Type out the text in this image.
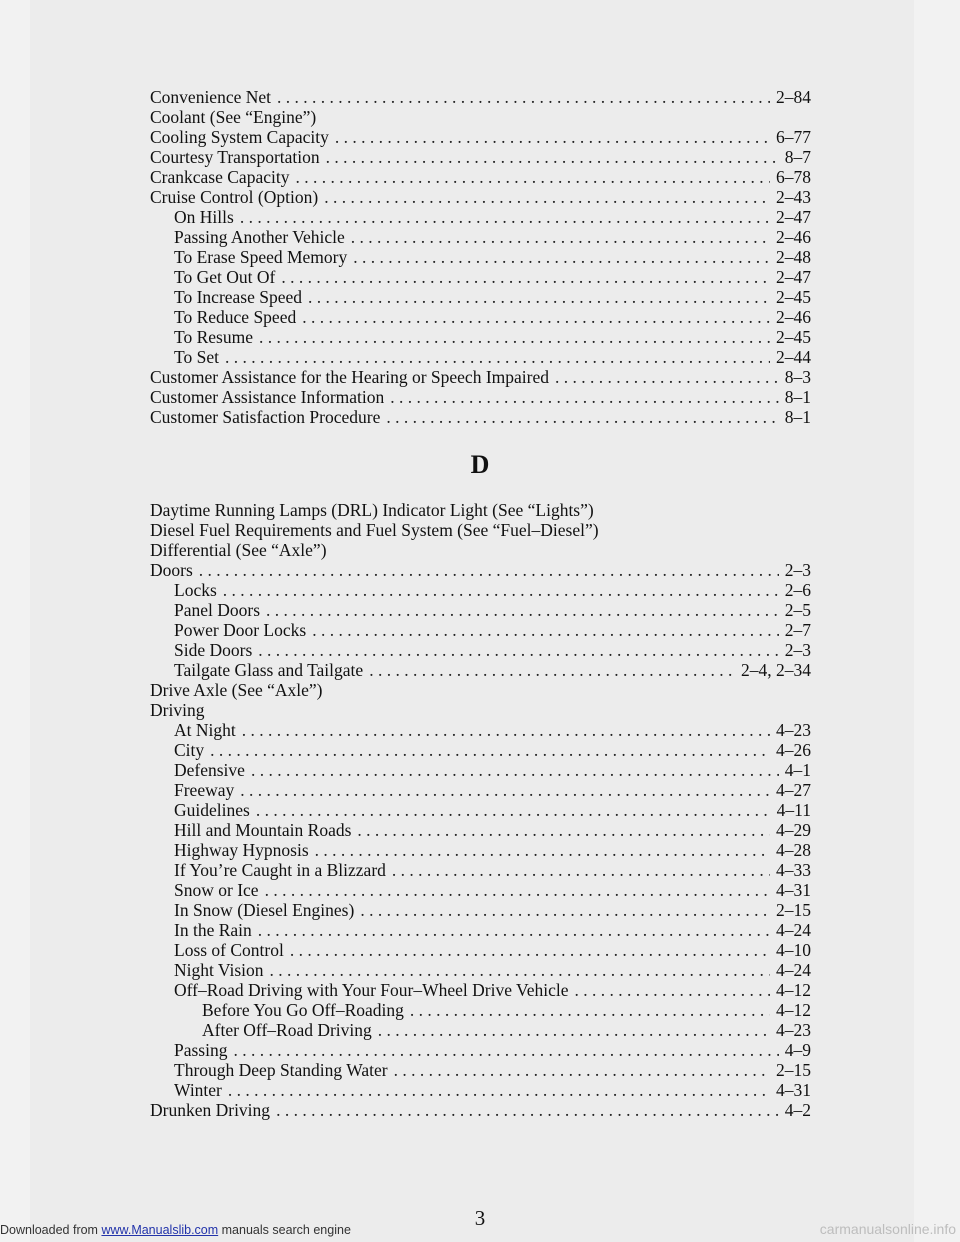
Convenience Net . . .	2–84
Coolant (See “Engine”)
Cooling System Capacity . . .	6–77
Courtesy Transportation . . .	8–7
Crankcase Capacity . . .	6–78
Cruise Control (Option) . . .	2–43
On Hills . . .	2–47
Passing Another Vehicle . . .	2–46
To Erase Speed Memory . . .	2–48
To Get Out Of . . .	2–47
To Increase Speed . . .	2–45
To Reduce Speed . . .	2–46
To Resume . . .	2–45
To Set . . .	2–44
Customer Assistance for the Hearing or Speech Impaired . . .	8–3
Customer Assistance Information . . .	8–1
Customer Satisfaction Procedure . . .	8–1
D
Daytime Running Lamps (DRL) Indicator Light (See “Lights”)
Diesel Fuel Requirements and Fuel System (See “Fuel–Diesel”)
Differential (See “Axle”)
Doors . . .	2–3
Locks . . .	2–6
Panel Doors . . .	2–5
Power Door Locks . . .	2–7
Side Doors . . .	2–3
Tailgate Glass and Tailgate . . .	2–4, 2–34
Drive Axle (See “Axle”)
Driving
At Night . . .	4–23
City . . .	4–26
Defensive . . .	4–1
Freeway . . .	4–27
Guidelines . . .	4–11
Hill and Mountain Roads . . .	4–29
Highway Hypnosis . . .	4–28
If You’re Caught in a Blizzard . . .	4–33
Snow or Ice . . .	4–31
In Snow (Diesel Engines) . . .	2–15
In the Rain . . .	4–24
Loss of Control . . .	4–10
Night Vision . . .	4–24
Off–Road Driving with Your Four–Wheel Drive Vehicle . . .	4–12
Before You Go Off–Roading . . .	4–12
After Off–Road Driving . . .	4–23
Passing . . .	4–9
Through Deep Standing Water . . .	2–15
Winter . . .	4–31
Drunken Driving . . .	4–2
3
Downloaded from www.Manualslib.com manuals search engine	carmanualsonline.info
